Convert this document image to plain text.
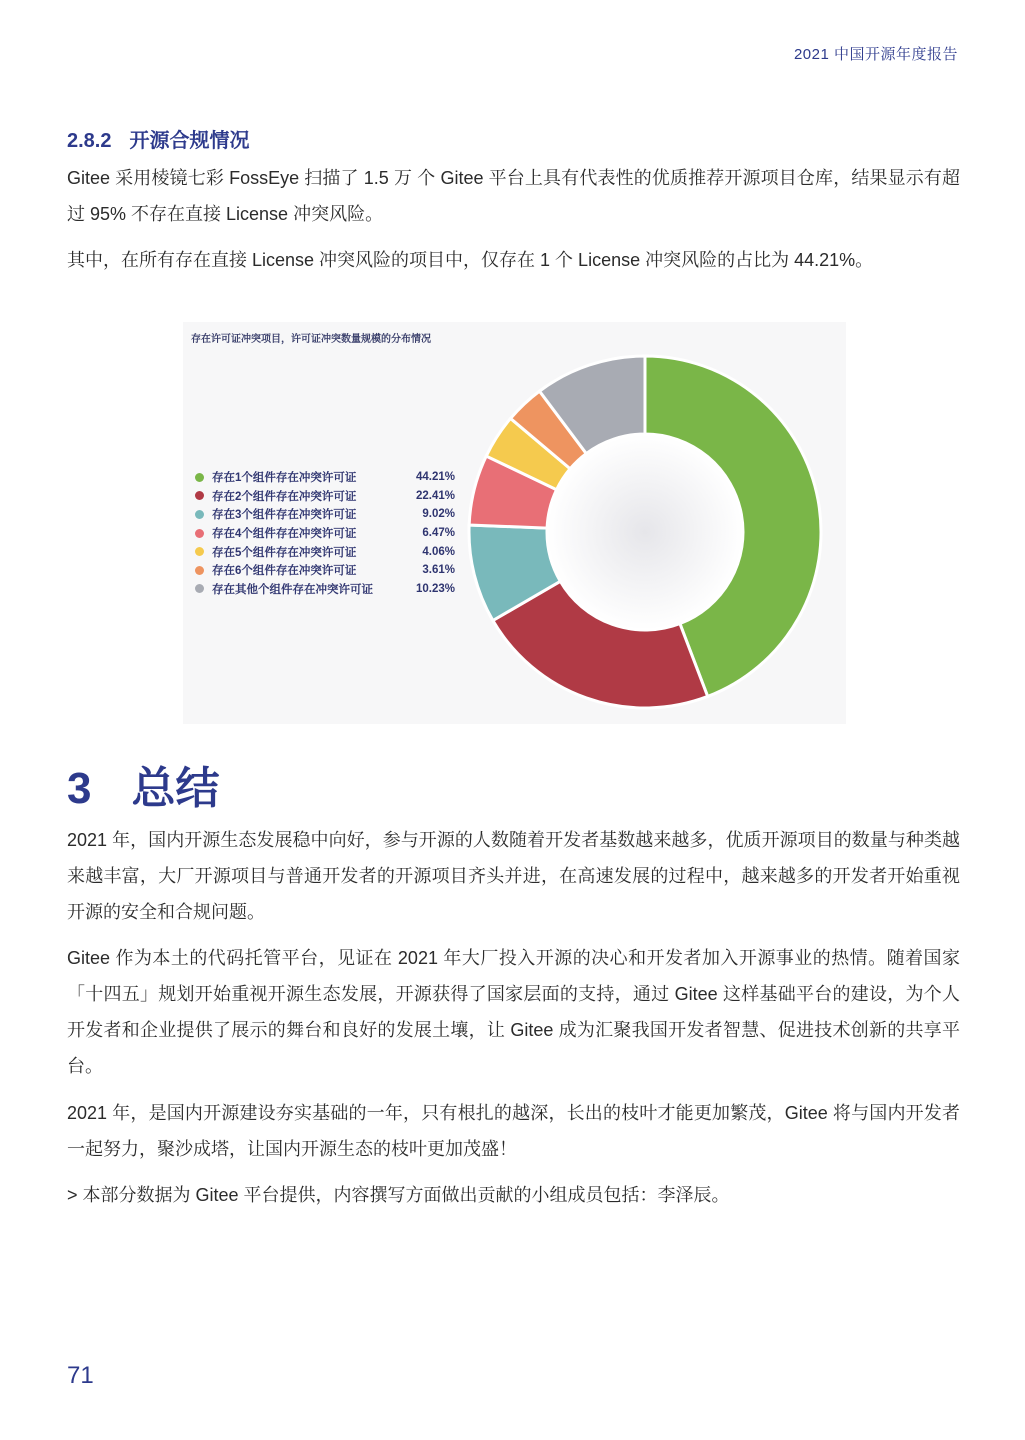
2021 中国开源年度报告
2.8.2 开源合规情况

Gitee 采用棱镜七彩 FossEye 扫描了 1.5 万 个 Gitee 平台上具有代表性的优质推荐开源项目仓库，结果显示有超过 95% 不存在直接 License 冲突风险。

其中，在所有存在直接 License 冲突风险的项目中，仅存在 1 个 License 冲突风险的占比为 44.21%。

存在许可证冲突项目，许可证冲突数量规模的分布情况
存在1个组件存在冲突许可证	44.21%
存在2个组件存在冲突许可证	22.41%
存在3个组件存在冲突许可证	9.02%
存在4个组件存在冲突许可证	6.47%
存在5个组件存在冲突许可证	4.06%
存在6个组件存在冲突许可证	3.61%
存在其他个组件存在冲突许可证	10.23%
3 总结

2021 年，国内开源生态发展稳中向好，参与开源的人数随着开发者基数越来越多，优质开源项目的数量与种类越来越丰富，大厂开源项目与普通开发者的开源项目齐头并进，在高速发展的过程中，越来越多的开发者开始重视开源的安全和合规问题。

Gitee 作为本土的代码托管平台，见证在 2021 年大厂投入开源的决心和开发者加入开源事业的热情。随着国家「十四五」规划开始重视开源生态发展，开源获得了国家层面的支持，通过 Gitee 这样基础平台的建设，为个人开发者和企业提供了展示的舞台和良好的发展土壤，让 Gitee 成为汇聚我国开发者智慧、促进技术创新的共享平台。

2021 年，是国内开源建设夯实基础的一年，只有根扎的越深，长出的枝叶才能更加繁茂，Gitee 将与国内开发者一起努力，聚沙成塔，让国内开源生态的枝叶更加茂盛！

> 本部分数据为 Gitee 平台提供，内容撰写方面做出贡献的小组成员包括：李泽辰。

71
